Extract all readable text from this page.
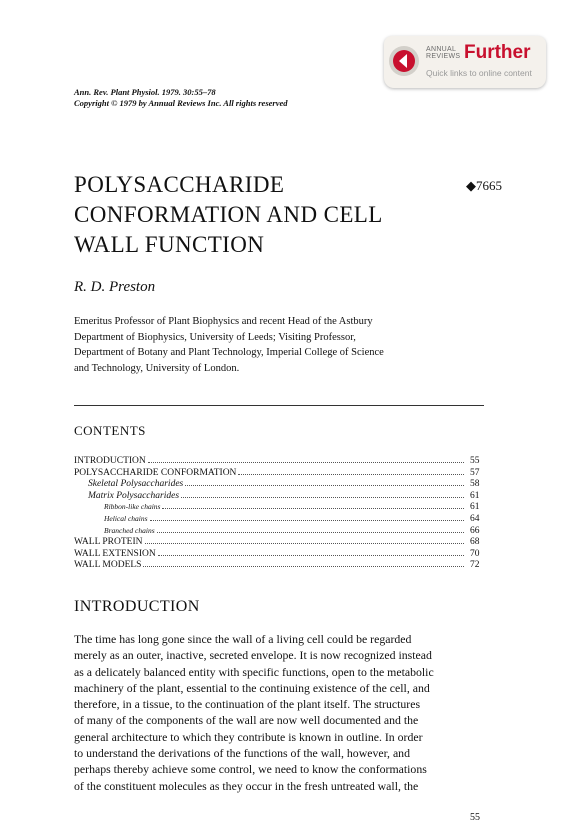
ANNUAL
REVIEWS Further
Quick links to online content
Ann. Rev. Plant Physiol. 1979. 30:55–78
Copyright © 1979 by Annual Reviews Inc. All rights reserved
POLYSACCHARIDE
CONFORMATION AND CELL
WALL FUNCTION
◆7665
R. D. Preston
Emeritus Professor of Plant Biophysics and recent Head of the Astbury
Department of Biophysics, University of Leeds; Visiting Professor,
Department of Botany and Plant Technology, Imperial College of Science
and Technology, University of London.
CONTENTS
INTRODUCTION	55
POLYSACCHARIDE CONFORMATION	57
Skeletal Polysaccharides	58
Matrix Polysaccharides	61
Ribbon-like chains	61
Helical chains	64
Branched chains	66
WALL PROTEIN	68
WALL EXTENSION	70
WALL MODELS	72
INTRODUCTION
The time has long gone since the wall of a living cell could be regarded
merely as an outer, inactive, secreted envelope. It is now recognized instead
as a delicately balanced entity with specific functions, open to the metabolic
machinery of the plant, essential to the continuing existence of the cell, and
therefore, in a tissue, to the continuation of the plant itself. The structures
of many of the components of the wall are now well documented and the
general architecture to which they contribute is known in outline. In order
to understand the derivations of the functions of the wall, however, and
perhaps thereby achieve some control, we need to know the conformations
of the constituent molecules as they occur in the fresh untreated wall, the
55
